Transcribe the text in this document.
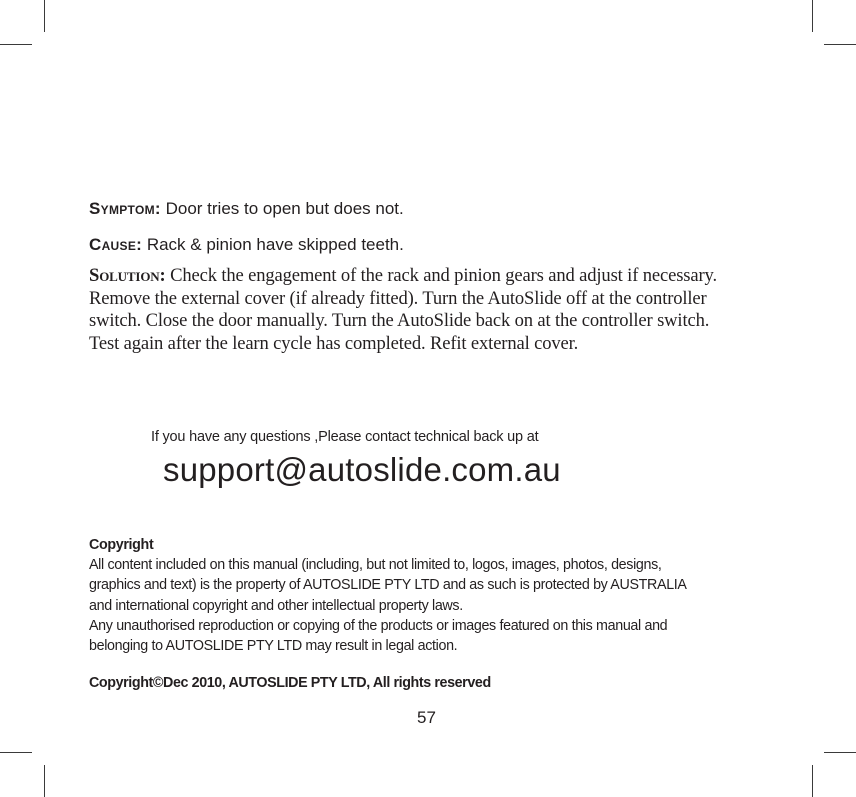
Symptom: Door tries to open but does not.
Cause: Rack & pinion have skipped teeth.

Solution: Check the engagement of the rack and pinion gears and adjust if necessary.

Remove the external cover (if already fitted). Turn the AutoSlide off at the controller

switch. Close the door manually. Turn the AutoSlide back on at the controller switch.

Test again after the learn cycle has completed. Refit external cover.

If you have any questions ,Please contact technical back up at
support@autoslide.com.au

Copyright

All content included on this manual (including, but not limited to, logos, images, photos, designs,

graphics and text) is the property of AUTOSLIDE PTY LTD and as such is protected by AUSTRALIA

and international copyright and other intellectual property laws.

Any unauthorised reproduction or copying of the products or images featured on this manual and

belonging to AUTOSLIDE PTY LTD may result in legal action.

Copyright©Dec 2010, AUTOSLIDE PTY LTD, All rights reserved
57
